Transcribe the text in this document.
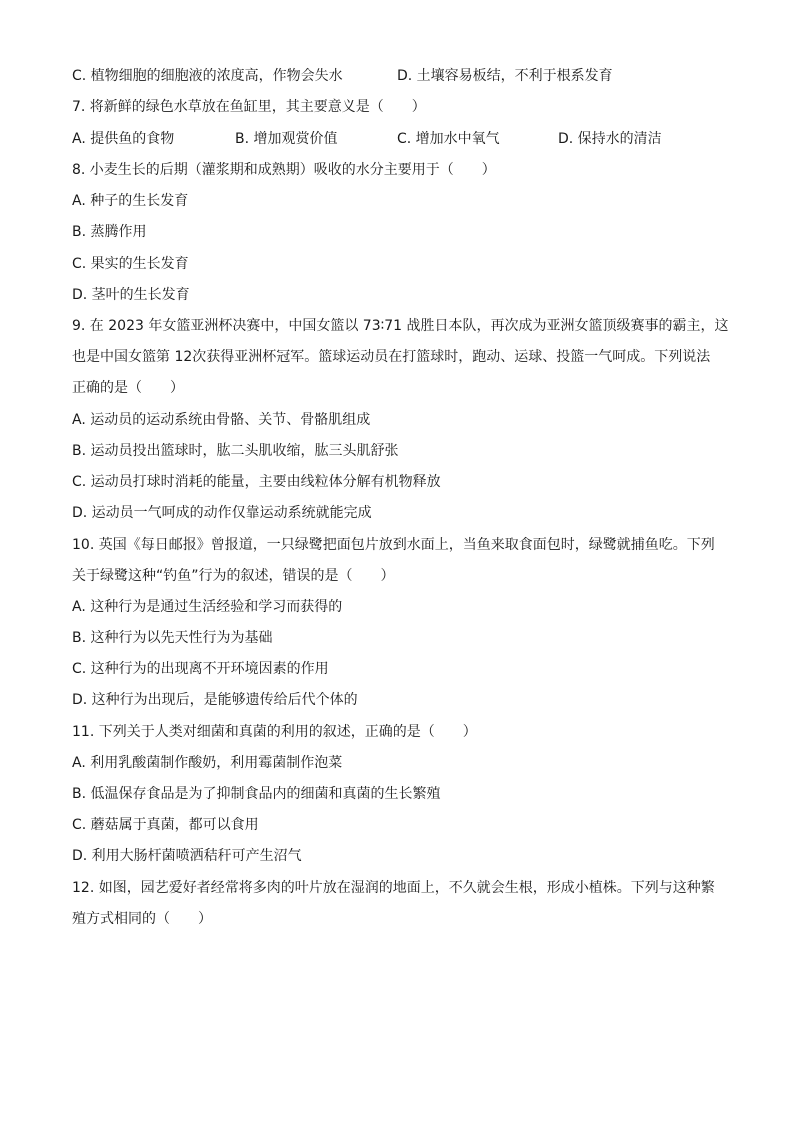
C. 植物细胞的细胞液的浓度高，作物会失水	D. 土壤容易板结，不利于根系发育
7. 将新鲜的绿色水草放在鱼缸里，其主要意义是（　　）
A. 提供鱼的食物	B. 增加观赏价值	C. 增加水中氧气	D. 保持水的清洁
8. 小麦生长的后期（灌浆期和成熟期）吸收的水分主要用于（　　）
A. 种子的生长发育
B. 蒸腾作用
C. 果实的生长发育
D. 茎叶的生长发育
9. 在 2023 年女篮亚洲杯决赛中，中国女篮以 73∶71 战胜日本队，再次成为亚洲女篮顶级赛事的霸主，这
也是中国女篮第 12次获得亚洲杯冠军。篮球运动员在打篮球时，跑动、运球、投篮一气呵成。下列说法
正确的是（　　）
A. 运动员的运动系统由骨骼、关节、骨骼肌组成
B. 运动员投出篮球时，肱二头肌收缩，肱三头肌舒张
C. 运动员打球时消耗的能量，主要由线粒体分解有机物释放
D. 运动员一气呵成的动作仅靠运动系统就能完成
10. 英国《每日邮报》曾报道，一只绿鹭把面包片放到水面上，当鱼来取食面包时，绿鹭就捕鱼吃。下列
关于绿鹭这种“钓鱼”行为的叙述，错误的是（　　）
A. 这种行为是通过生活经验和学习而获得的
B. 这种行为以先天性行为为基础
C. 这种行为的出现离不开环境因素的作用
D. 这种行为出现后，是能够遗传给后代个体的
11. 下列关于人类对细菌和真菌的利用的叙述，正确的是（　　）
A. 利用乳酸菌制作酸奶，利用霉菌制作泡菜
B. 低温保存食品是为了抑制食品内的细菌和真菌的生长繁殖
C. 蘑菇属于真菌，都可以食用
D. 利用大肠杆菌喷洒秸秆可产生沼气
12. 如图，园艺爱好者经常将多肉的叶片放在湿润的地面上，不久就会生根，形成小植株。下列与这种繁
殖方式相同的（　　）
